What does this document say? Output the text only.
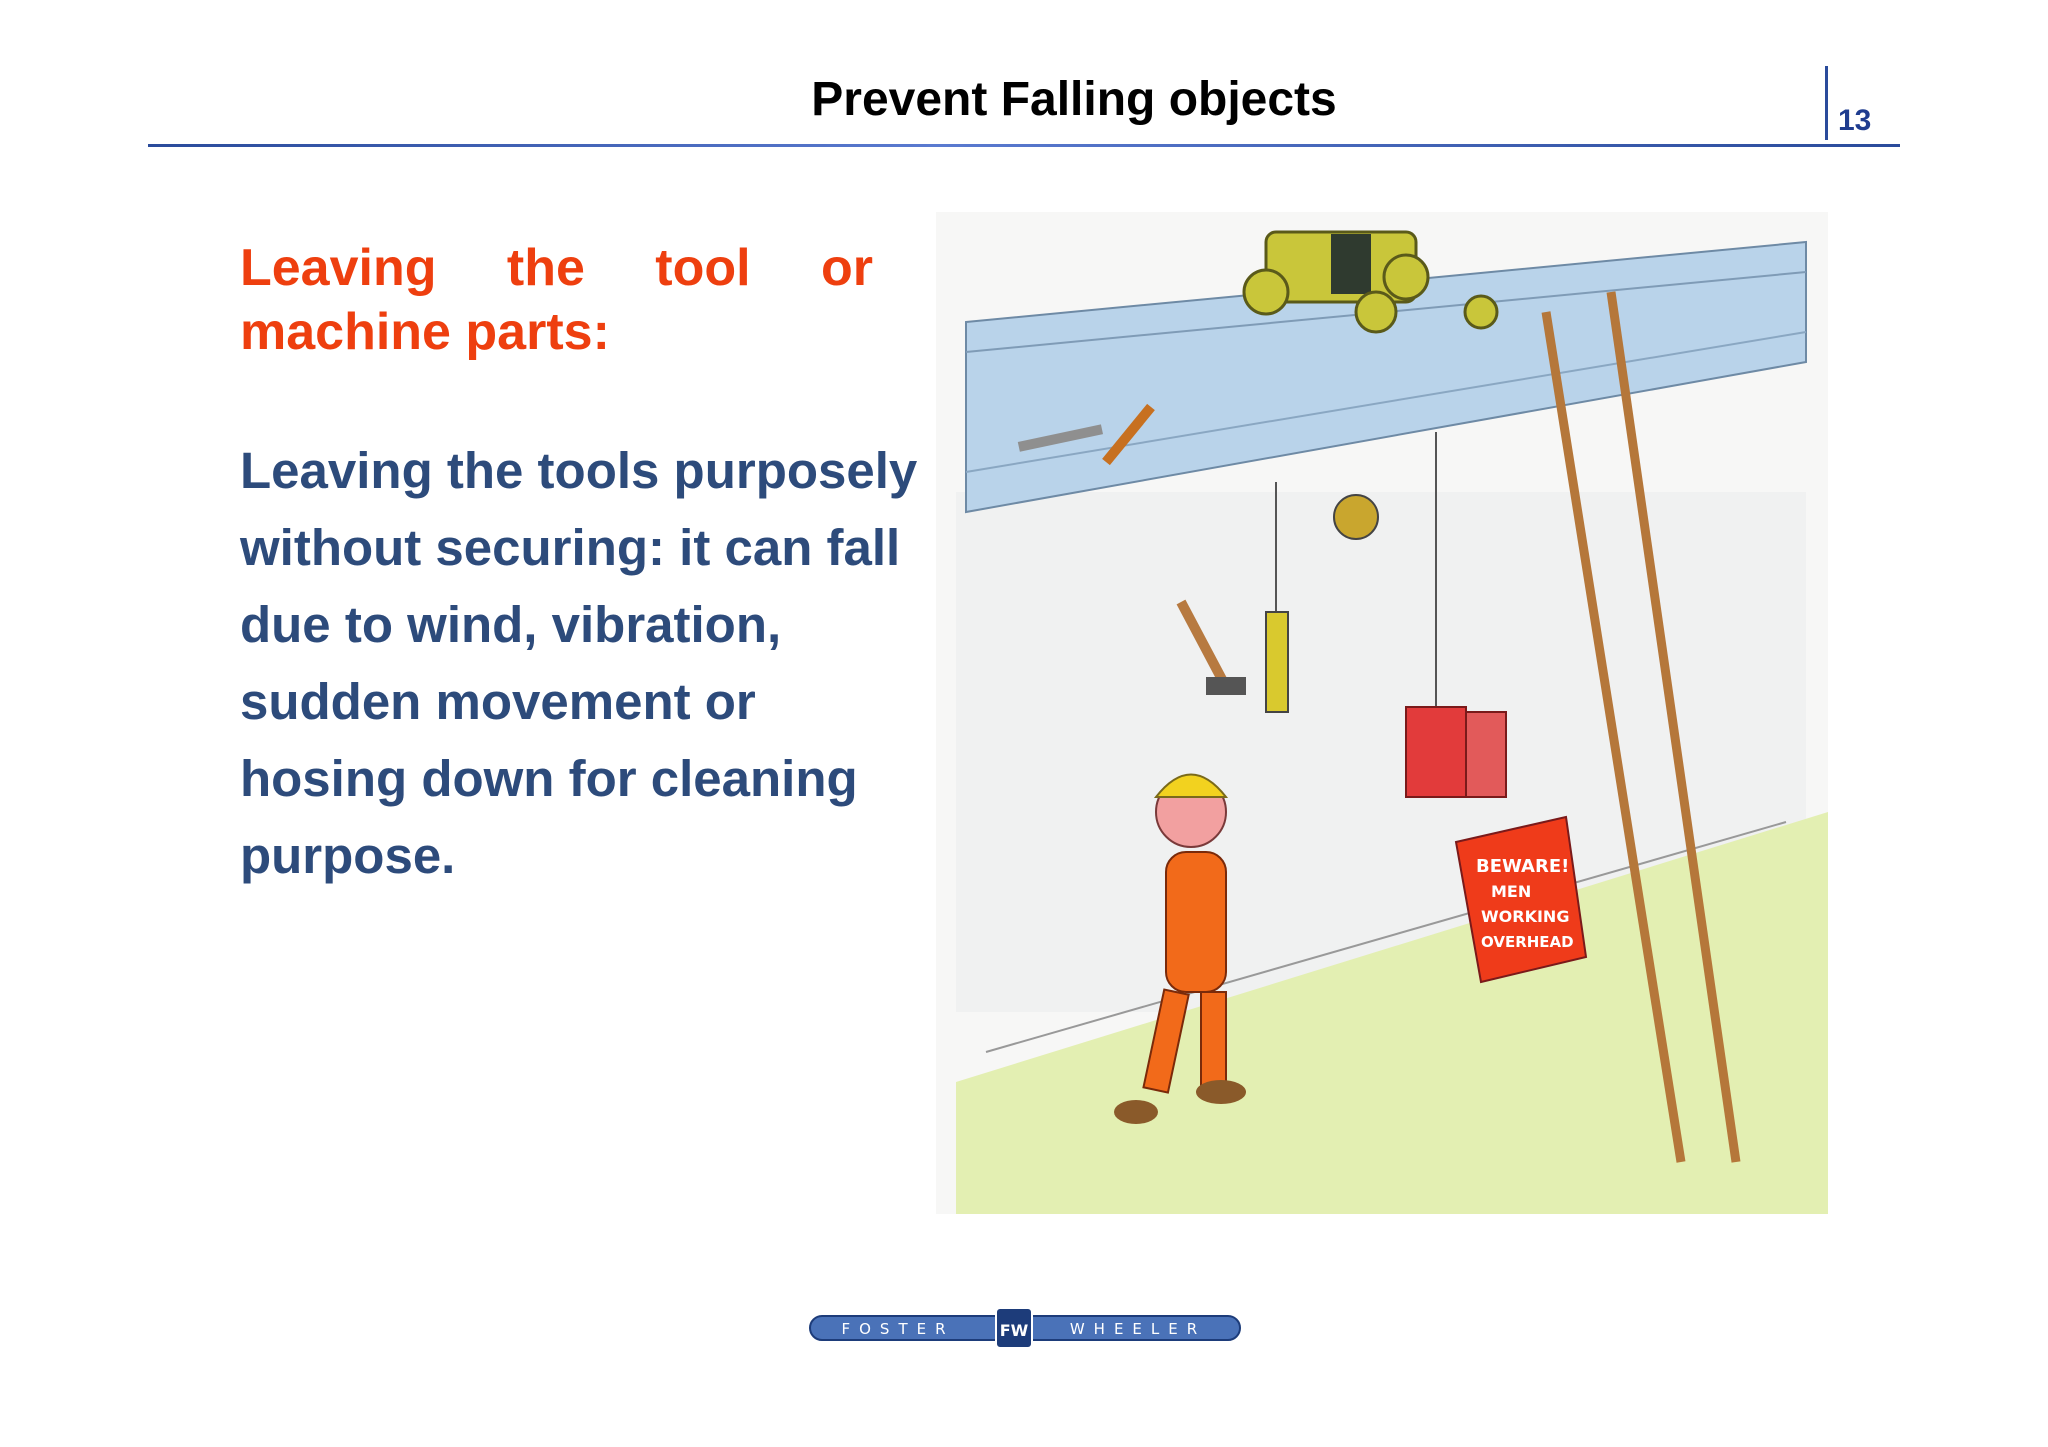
Prevent Falling objects	13
Leaving the tool or machine parts:
Leaving the tools purposely without securing: it can fall due to wind, vibration, sudden movement or hosing down for cleaning purpose.	BEWARE!
MEN
WORKING
OVERHEAD
FOSTER	FW	WHEELER
